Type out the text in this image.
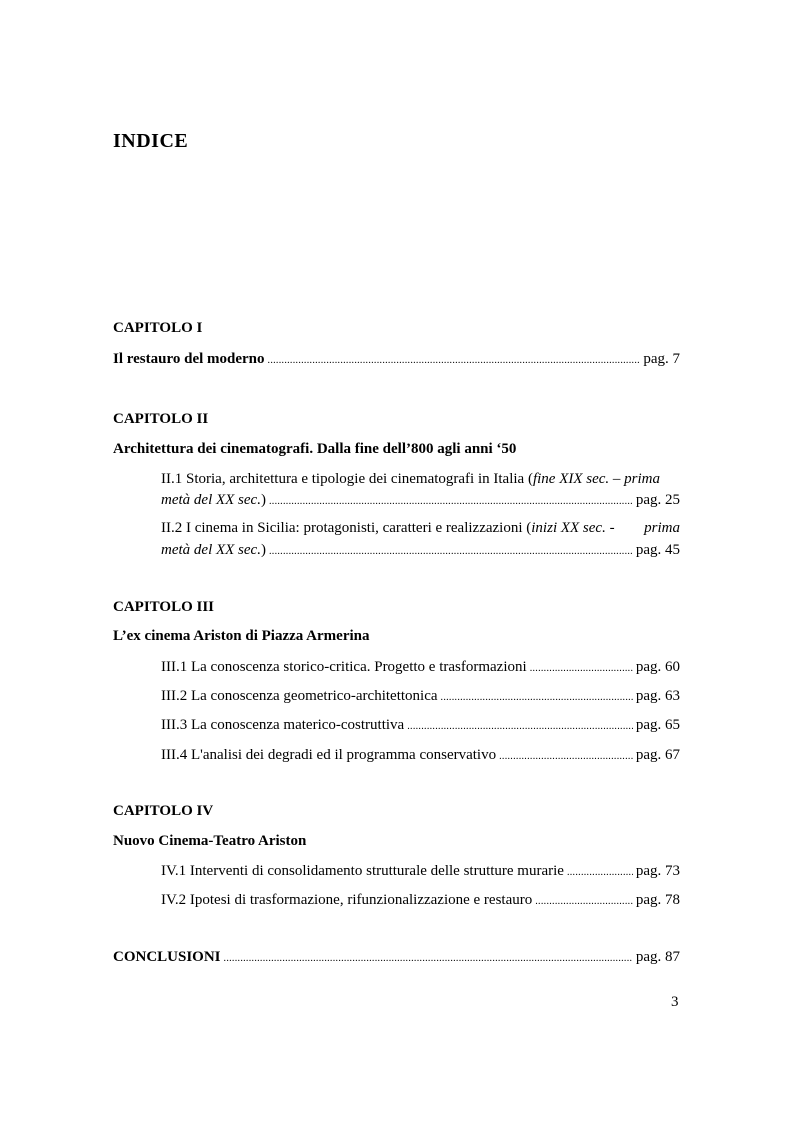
INDICE
CAPITOLO I
Il restauro del moderno .....	pag. 7
CAPITOLO II
Architettura dei cinematografi. Dalla fine dell’800 agli anni ‘50
II.1 Storia, architettura e tipologie dei cinematografi in Italia (fine XIX sec. – prima
metà del XX sec. ) .....	pag. 25
II.2 I cinema in Sicilia: protagonisti, caratteri e realizzazioni (inizi XX sec. - prima
metà del XX sec. ) .....	pag. 45
CAPITOLO III
L’ex cinema Ariston di Piazza Armerina
III.1 La conoscenza storico-critica. Progetto e trasformazioni .....	pag. 60
III.2 La conoscenza geometrico-architettonica .....	pag. 63
III.3 La conoscenza materico-costruttiva .....	pag. 65
III.4 L'analisi dei degradi ed il programma conservativo .....	pag. 67
CAPITOLO IV
Nuovo Cinema-Teatro Ariston
IV.1 Interventi di consolidamento strutturale delle strutture murarie .....	pag. 73
IV.2 Ipotesi di trasformazione, rifunzionalizzazione e restauro .....	pag. 78
CONCLUSIONI .....	pag. 87
3
